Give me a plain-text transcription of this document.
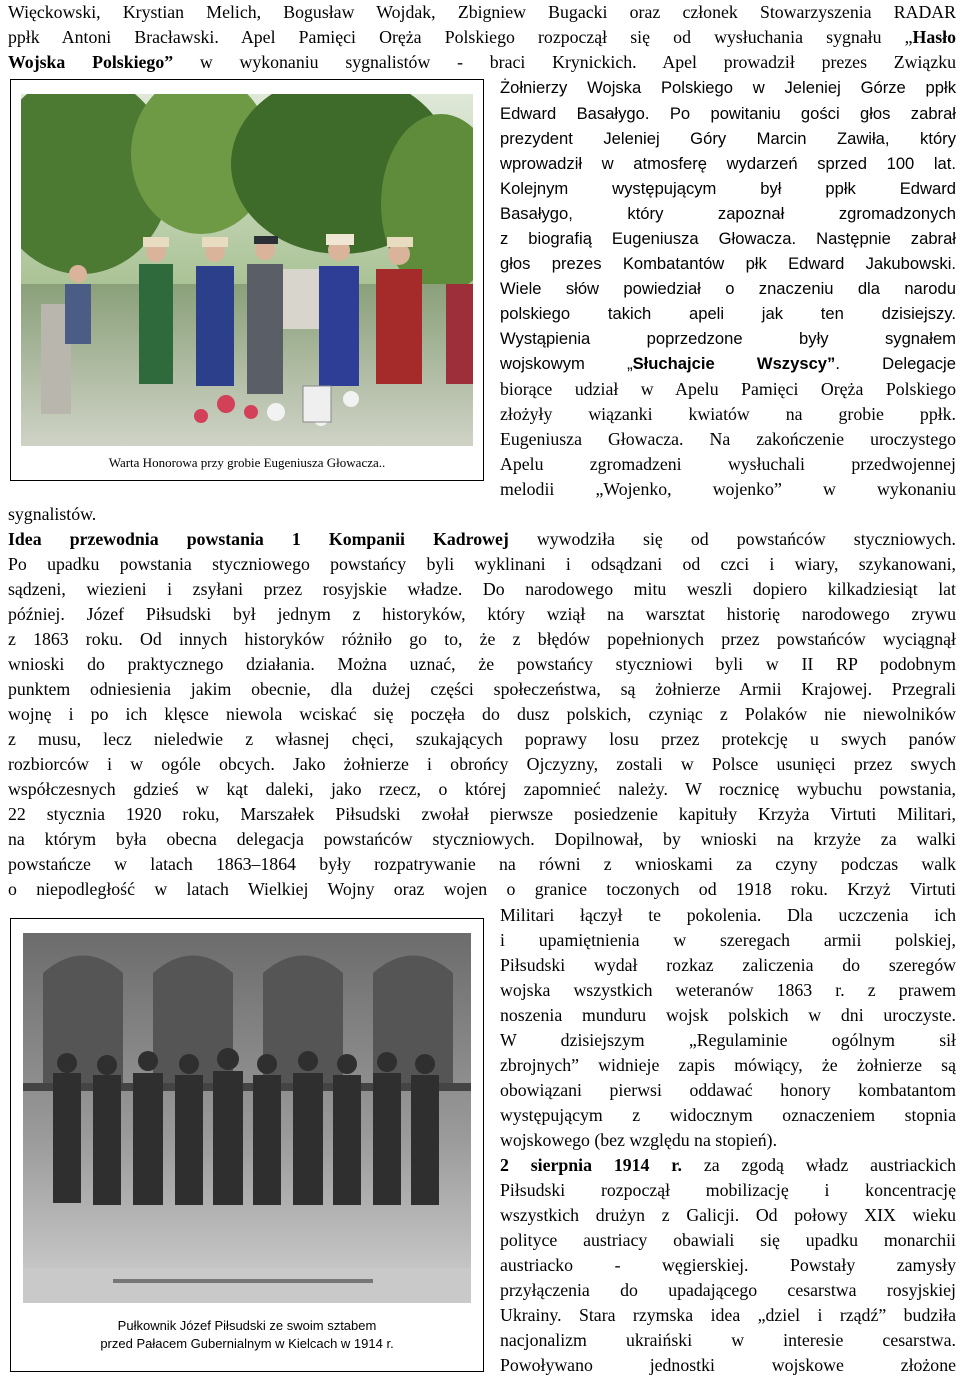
Więckowski, Krystian Melich, Bogusław Wojdak, Zbigniew Bugacki oraz członek Stowarzyszenia RADAR
ppłk Antoni Bracławski. Apel Pamięci Oręża Polskiego rozpoczął się od wysłuchania sygnału „Hasło
Wojska Polskiego” w wykonaniu sygnalistów - braci Krynickich. Apel prowadził prezes Związku
Żołnierzy Wojska Polskiego w Jeleniej Górze ppłk
Edward Basałygo. Po powitaniu gości głos zabrał
prezydent Jeleniej Góry Marcin Zawiła, który
wprowadził w atmosferę wydarzeń sprzed 100 lat.
Kolejnym występującym był ppłk Edward
Basałygo, który zapoznał zgromadzonych
z biografią Eugeniusza Głowacza. Następnie zabrał
głos prezes Kombatantów płk Edward Jakubowski.
Wiele słów powiedział o znaczeniu dla narodu
polskiego takich apeli jak ten dzisiejszy.
Wystąpienia poprzedzone były sygnałem
wojskowym „Słuchajcie Wszyscy”. Delegacje
biorące udział w Apelu Pamięci Oręża Polskiego
złożyły wiązanki kwiatów na grobie ppłk.
Eugeniusza Głowacza. Na zakończenie uroczystego
Apelu zgromadzeni wysłuchali przedwojennej
melodii „Wojenko, wojenko” w wykonaniu
sygnalistów.
Idea przewodnia powstania 1 Kompanii Kadrowej wywodziła się od powstańców styczniowych.
Po upadku powstania styczniowego powstańcy byli wyklinani i odsądzani od czci i wiary, szykanowani,
sądzeni, wiezieni i zsyłani przez rosyjskie władze. Do narodowego mitu weszli dopiero kilkadziesiąt lat
później. Józef Piłsudski był jednym z historyków, który wziął na warsztat historię narodowego zrywu
z 1863 roku. Od innych historyków różniło go to, że z błędów popełnionych przez powstańców wyciągnął
wnioski do praktycznego działania. Można uznać, że powstańcy styczniowi byli w II RP podobnym
punktem odniesienia jakim obecnie, dla dużej części społeczeństwa, są żołnierze Armii Krajowej. Przegrali
wojnę i po ich klęsce niewola wciskać się poczęła do dusz polskich, czyniąc z Polaków nie niewolników
z musu, lecz nieledwie z własnej chęci, szukających poprawy losu przez protekcję u swych panów
rozbiorców i w ogóle obcych. Jako żołnierze i obrońcy Ojczyzny, zostali w Polsce usunięci przez swych
współczesnych gdzieś w kąt daleki, jako rzecz, o której zapomnieć należy. W rocznicę wybuchu powstania,
22 stycznia 1920 roku, Marszałek Piłsudski zwołał pierwsze posiedzenie kapituły Krzyża Virtuti Militari,
na którym była obecna delegacja powstańców styczniowych. Dopilnował, by wnioski na krzyże za walki
powstańcze w latach 1863–1864 były rozpatrywanie na równi z wnioskami za czyny podczas walk
o niepodległość w latach Wielkiej Wojny oraz wojen o granice toczonych od 1918 roku. Krzyż Virtuti
Militari łączył te pokolenia. Dla uczczenia ich
i upamiętnienia w szeregach armii polskiej,
Piłsudski wydał rozkaz zaliczenia do szeregów
wojska wszystkich weteranów 1863 r. z prawem
noszenia munduru wojsk polskich w dni uroczyste.
W dzisiejszym „Regulaminie ogólnym sił
zbrojnych” widnieje zapis mówiący, że żołnierze są
obowiązani pierwsi oddawać honory kombatantom
występującym z widocznym oznaczeniem stopnia
wojskowego (bez względu na stopień).
2 sierpnia 1914 r. za zgodą władz austriackich
Piłsudski rozpoczął mobilizację i koncentrację
wszystkich drużyn z Galicji. Od połowy XIX wieku
polityce austriacy obawiali się upadku monarchii
austriacko - węgierskiej. Powstały zamysły
przyłączenia do upadającego cesarstwa rosyjskiej
Ukrainy. Stara rzymska idea „dziel i rządź” budziła
nacjonalizm ukraiński w interesie cesarstwa.
Powoływano jednostki wojskowe złożone
Warta Honorowa przy grobie Eugeniusza Głowacza..
Pułkownik Józef Piłsudski ze swoim sztabem
przed Pałacem Gubernialnym w Kielcach w 1914 r.
